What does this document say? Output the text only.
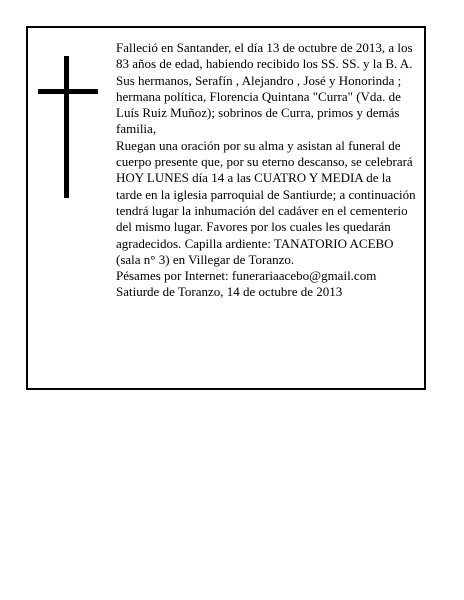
Falleció en Santander, el día 13 de octubre de 2013, a los 83 años de edad, habiendo recibido los SS. SS. y la B. A.

Sus hermanos, Serafín , Alejandro , José y Honorinda ; hermana política, Florencia Quintana "Curra" (Vda. de Luís Ruiz Muñoz); sobrinos de Curra, primos y demás familia,

Ruegan una oración por su alma y asistan al funeral de cuerpo presente que, por su eterno descanso, se celebrará HOY LUNES día 14 a las CUATRO Y MEDIA de la tarde en la iglesia parroquial de Santiurde; a continuación tendrá lugar la inhumación del cadáver en el cementerio del mismo lugar. Favores por los cuales les quedarán agradecidos. Capilla ardiente: TANATORIO ACEBO (sala n° 3) en Villegar de Toranzo.

Pésames por Internet: funerariaacebo@gmail.com

Satiurde de Toranzo, 14 de octubre de 2013
